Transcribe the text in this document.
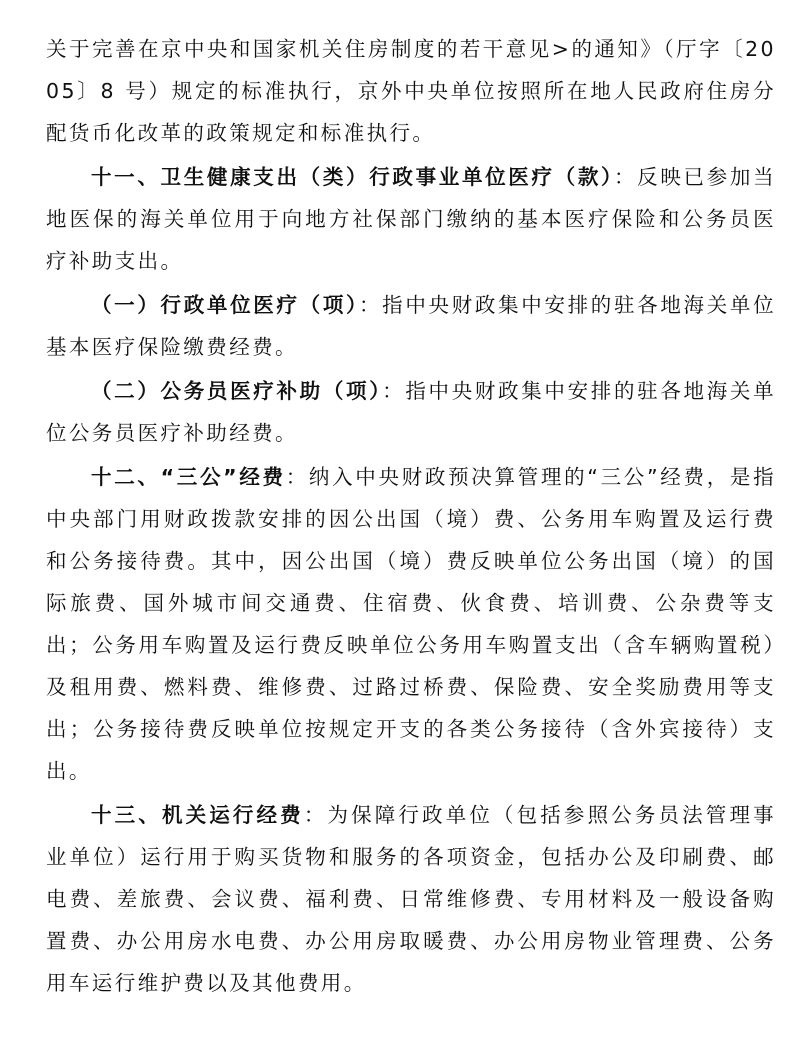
关于完善在京中央和国家机关住房制度的若干意见>的通知》（厅字〔2005〕8 号）规定的标准执行，京外中央单位按照所在地人民政府住房分配货币化改革的政策规定和标准执行。

十一、卫生健康支出（类）行政事业单位医疗（款）：反映已参加当地医保的海关单位用于向地方社保部门缴纳的基本医疗保险和公务员医疗补助支出。

（一）行政单位医疗（项）：指中央财政集中安排的驻各地海关单位基本医疗保险缴费经费。

（二）公务员医疗补助（项）：指中央财政集中安排的驻各地海关单位公务员医疗补助经费。

十二、“三公”经费：纳入中央财政预决算管理的“三公”经费，是指中央部门用财政拨款安排的因公出国（境）费、公务用车购置及运行费和公务接待费。其中，因公出国（境）费反映单位公务出国（境）的国际旅费、国外城市间交通费、住宿费、伙食费、培训费、公杂费等支出；公务用车购置及运行费反映单位公务用车购置支出（含车辆购置税）及租用费、燃料费、维修费、过路过桥费、保险费、安全奖励费用等支出；公务接待费反映单位按规定开支的各类公务接待（含外宾接待）支出。

十三、机关运行经费：为保障行政单位（包括参照公务员法管理事业单位）运行用于购买货物和服务的各项资金，包括办公及印刷费、邮电费、差旅费、会议费、福利费、日常维修费、专用材料及一般设备购置费、办公用房水电费、办公用房取暖费、办公用房物业管理费、公务用车运行维护费以及其他费用。
